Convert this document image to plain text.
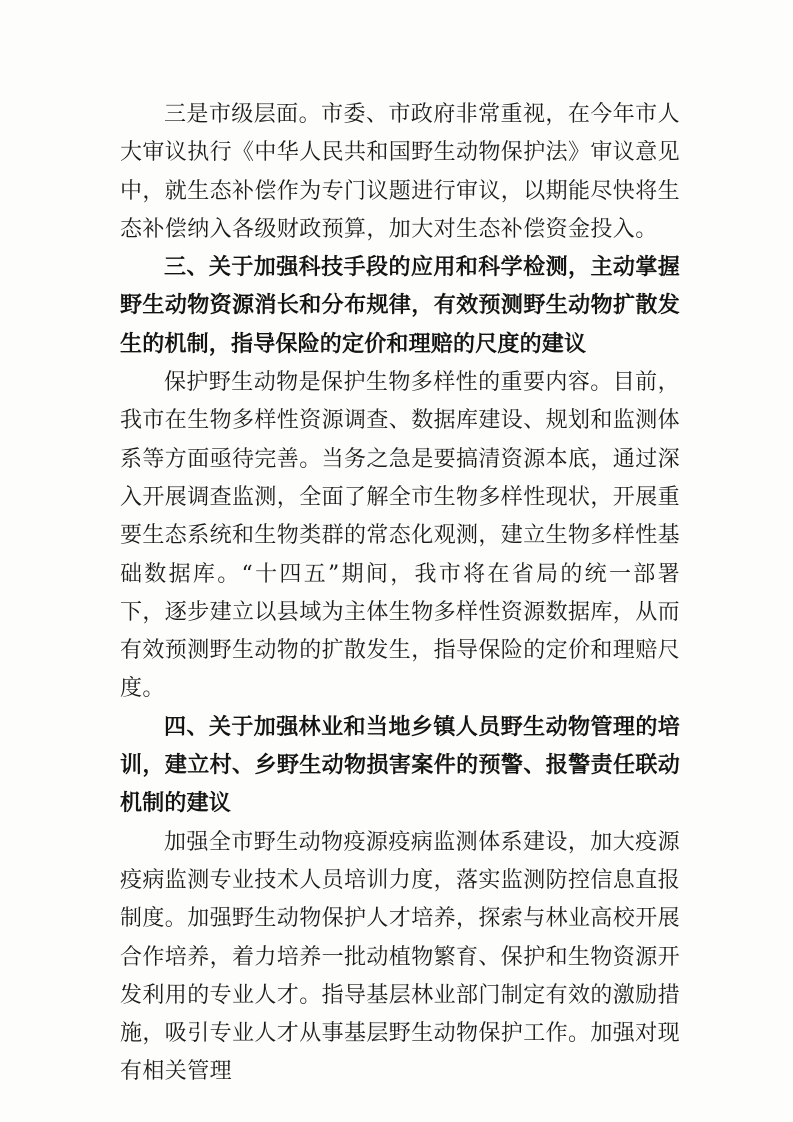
三是市级层面。市委、市政府非常重视，在今年市人大审议执行《中华人民共和国野生动物保护法》审议意见中，就生态补偿作为专门议题进行审议，以期能尽快将生态补偿纳入各级财政预算，加大对生态补偿资金投入。

三、关于加强科技手段的应用和科学检测，主动掌握野生动物资源消长和分布规律，有效预测野生动物扩散发生的机制，指导保险的定价和理赔的尺度的建议

保护野生动物是保护生物多样性的重要内容。目前，我市在生物多样性资源调查、数据库建设、规划和监测体系等方面亟待完善。当务之急是要搞清资源本底，通过深入开展调查监测，全面了解全市生物多样性现状，开展重要生态系统和生物类群的常态化观测，建立生物多样性基础数据库。“十四五”期间，我市将在省局的统一部署下，逐步建立以县域为主体生物多样性资源数据库，从而有效预测野生动物的扩散发生，指导保险的定价和理赔尺度。

四、关于加强林业和当地乡镇人员野生动物管理的培训，建立村、乡野生动物损害案件的预警、报警责任联动机制的建议

加强全市野生动物疫源疫病监测体系建设，加大疫源疫病监测专业技术人员培训力度，落实监测防控信息直报制度。加强野生动物保护人才培养，探索与林业高校开展合作培养，着力培养一批动植物繁育、保护和生物资源开发利用的专业人才。指导基层林业部门制定有效的激励措施，吸引专业人才从事基层野生动物保护工作。加强对现有相关管理
